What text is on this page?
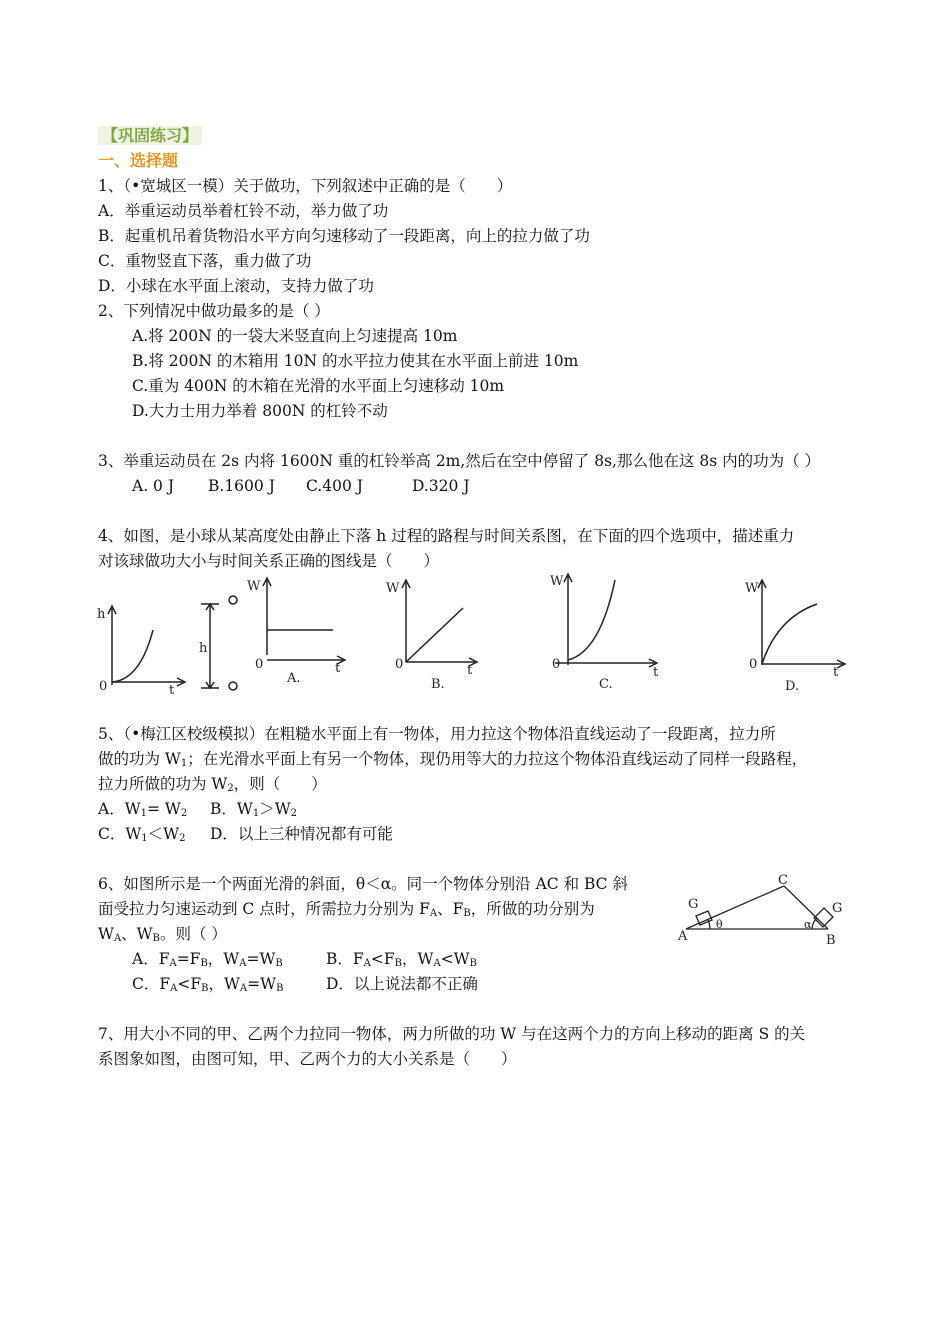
【巩固练习】
一、选择题
1、（•宽城区一模）关于做功，下列叙述中正确的是（　　）
A．举重运动员举着杠铃不动，举力做了功
B．起重机吊着货物沿水平方向匀速移动了一段距离，向上的拉力做了功
C．重物竖直下落，重力做了功
D．小球在水平面上滚动，支持力做了功
2、下列情况中做功最多的是（ ）
A.将 200N 的一袋大米竖直向上匀速提高 10m
B.将 200N 的木箱用 10N 的水平拉力使其在水平面上前进 10m
C.重为 400N 的木箱在光滑的水平面上匀速移动 10m
D.大力士用力举着 800N 的杠铃不动
3、举重运动员在 2s 内将 1600N 重的杠铃举高 2m,然后在空中停留了 8s,那么他在这 8s 内的功为（ ）
A. 0 J B.1600 J C.400 J	D.320 J
4、如图，是小球从某高度处由静止下落 h 过程的路程与时间关系图，在下面的四个选项中，描述重力
对该球做功大小与时间关系正确的图线是（　　）
h
0	t
h
W
0	t
A.
W
0	t
B.
W
0
t
C.
W
0
t
D.
5、（•梅江区校级模拟）在粗糙水平面上有一物体，用力拉这个物体沿直线运动了一段距离，拉力所
做的功为 $W_1$；在光滑水平面上有另一个物体，现仍用等大的力拉这个物体沿直线运动了同样一段路程，
拉力所做的功为 $W_2$，则（　　）
A．$W_1= W_2$ B．$W_1>W_2$
C．$W_1<W_2$ D．以上三种情况都有可能
6、如图所示是一个两面光滑的斜面，θ＜α。同一个物体分别沿 AC 和 BC 斜
面受拉力匀速运动到 C 点时，所需拉力分别为 $F_A$、$F_B$，所做的功分别为
$W_A$、$W_B$。则（ ）
A．$F_A=F_B$，$W_A=W_B$	B．$F_A<F_B$，$W_A<W_B$
C．$F_A<F_B$，$W_A=W_B$	D．以上说法都不正确
A	B
C
G	G
θ	α
7、用大小不同的甲、乙两个力拉同一物体，两力所做的功 W 与在这两个力的方向上移动的距离 S 的关
系图象如图，由图可知，甲、乙两个力的大小关系是（　　）
